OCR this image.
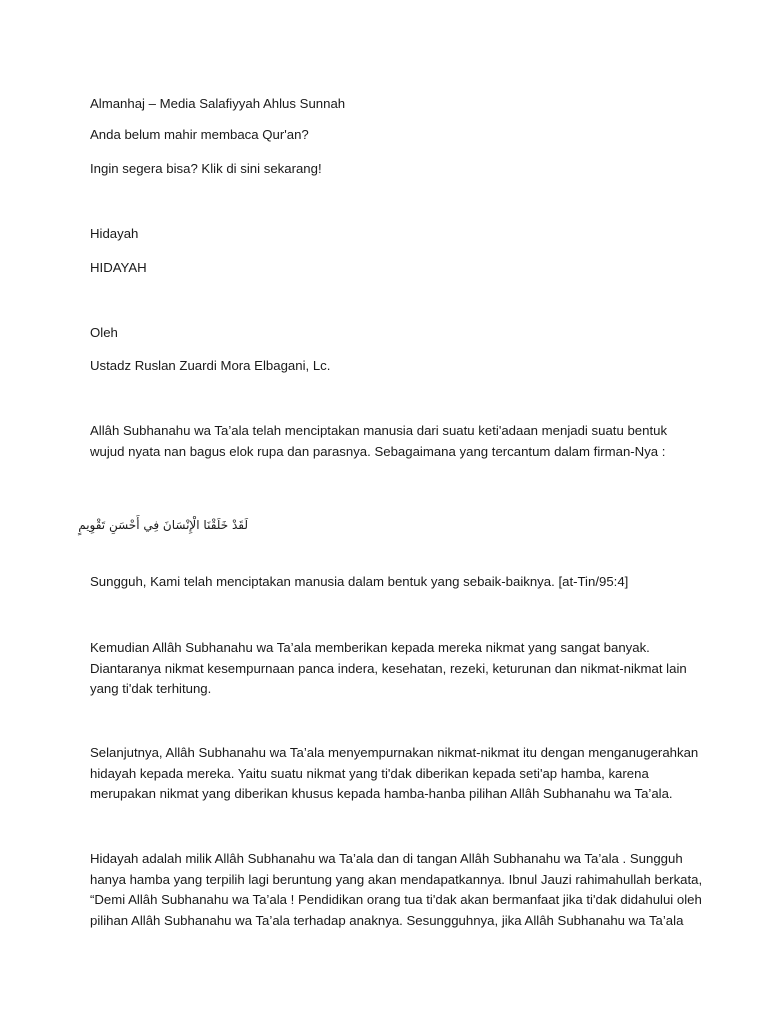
Almanhaj – Media Salafiyyah Ahlus Sunnah

Anda belum mahir membaca Qur'an?

Ingin segera bisa? Klik di sini sekarang!

Hidayah

HIDAYAH

Oleh

Ustadz Ruslan Zuardi Mora Elbagani, Lc.

Allâh Subhanahu wa Ta’ala telah menciptakan manusia dari suatu keti'adaan menjadi suatu bentuk
wujud nyata nan bagus elok rupa dan parasnya. Sebagaimana yang tercantum dalam firman-Nya :

لَقَدْ خَلَقْنَا الْإِنْسَانَ فِي أَحْسَنِ تَقْوِيمٍ

Sungguh, Kami telah menciptakan manusia dalam bentuk yang sebaik-baiknya. [at-Tin/95:4]

Kemudian Allâh Subhanahu wa Ta’ala memberikan kepada mereka nikmat yang sangat banyak.
Diantaranya nikmat kesempurnaan panca indera, kesehatan, rezeki, keturunan dan nikmat-nikmat lain
yang ti'dak terhitung.
Selanjutnya, Allâh Subhanahu wa Ta’ala menyempurnakan nikmat-nikmat itu dengan menganugerahkan
hidayah kepada mereka. Yaitu suatu nikmat yang ti'dak diberikan kepada seti'ap hamba, karena
merupakan nikmat yang diberikan khusus kepada hamba-hanba pilihan Allâh Subhanahu wa Ta’ala.
Hidayah adalah milik Allâh Subhanahu wa Ta’ala dan di tangan Allâh Subhanahu wa Ta’ala . Sungguh
hanya hamba yang terpilih lagi beruntung yang akan mendapatkannya. Ibnul Jauzi rahimahullah berkata,
“Demi Allâh Subhanahu wa Ta’ala ! Pendidikan orang tua ti'dak akan bermanfaat jika ti'dak didahului oleh
pilihan Allâh Subhanahu wa Ta’ala terhadap anaknya. Sesungguhnya, jika Allâh Subhanahu wa Ta’ala
